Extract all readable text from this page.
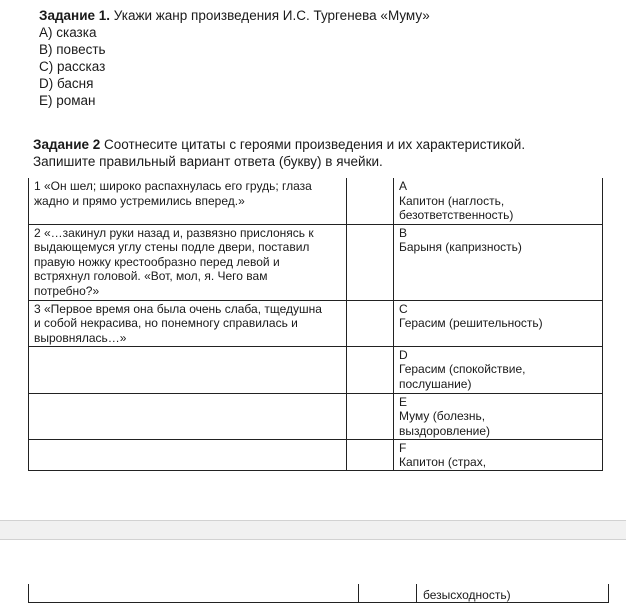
Задание 1. Укажи жанр произведения И.С. Тургенева «Муму»
A) сказка
B) повесть
C) рассказ
D) басня
E) роман
Задание 2 Соотнесите цитаты с героями произведения и их характеристикой.
Запишите правильный вариант ответа (букву) в ячейки.
1 «Он шел; широко распахнулась его грудь; глаза
жадно и прямо устремились вперед.»		A
Капитон (наглость,
безответственность)

2 «…закинул руки назад и, развязно прислонясь к
выдающемуся углу стены подле двери, поставил
правую ножку крестообразно перед левой и
встряхнул головой. «Вот, мол, я. Чего вам
потребно?»		B
Барыня (капризность)

3 «Первое время она была очень слаба, тщедушна
и собой некрасива, но понемногу справилась и
выровнялась…»		C
Герасим (решительность)

		D
Герасим (спокойствие,
послушание)

		E
Муму (болезнь,
выздоровление)

		F
Капитон (страх,
безысходность)
